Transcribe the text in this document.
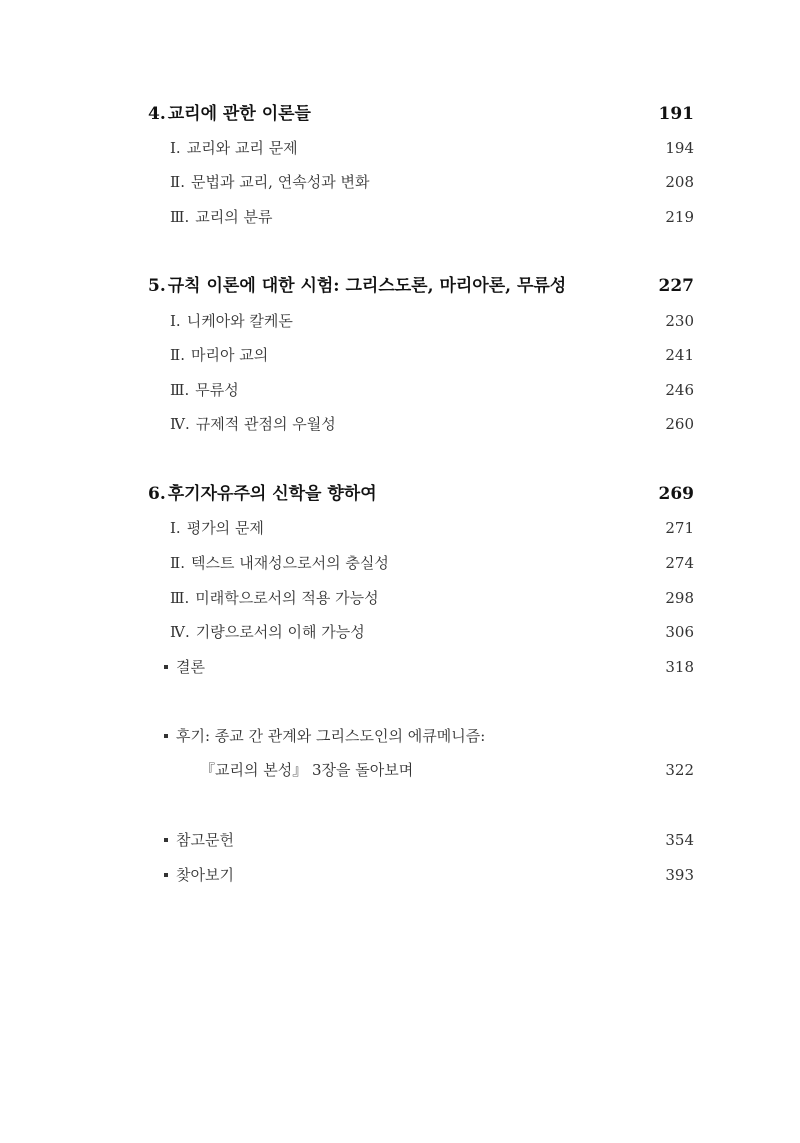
4. 교리에 관한 이론들	191
Ⅰ. 교리와 교리 문제	194
Ⅱ. 문법과 교리, 연속성과 변화	208
Ⅲ. 교리의 분류	219
5. 규칙 이론에 대한 시험: 그리스도론, 마리아론, 무류성	227
Ⅰ. 니케아와 칼케돈	230
Ⅱ. 마리아 교의	241
Ⅲ. 무류성	246
Ⅳ. 규제적 관점의 우월성	260
6. 후기자유주의 신학을 향하여	269
Ⅰ. 평가의 문제	271
Ⅱ. 텍스트 내재성으로서의 충실성	274
Ⅲ. 미래학으로서의 적용 가능성	298
Ⅳ. 기량으로서의 이해 가능성	306
결론	318
후기: 종교 간 관계와 그리스도인의 에큐메니즘:
『교리의 본성』 3장을 돌아보며	322
참고문헌	354
찾아보기	393
